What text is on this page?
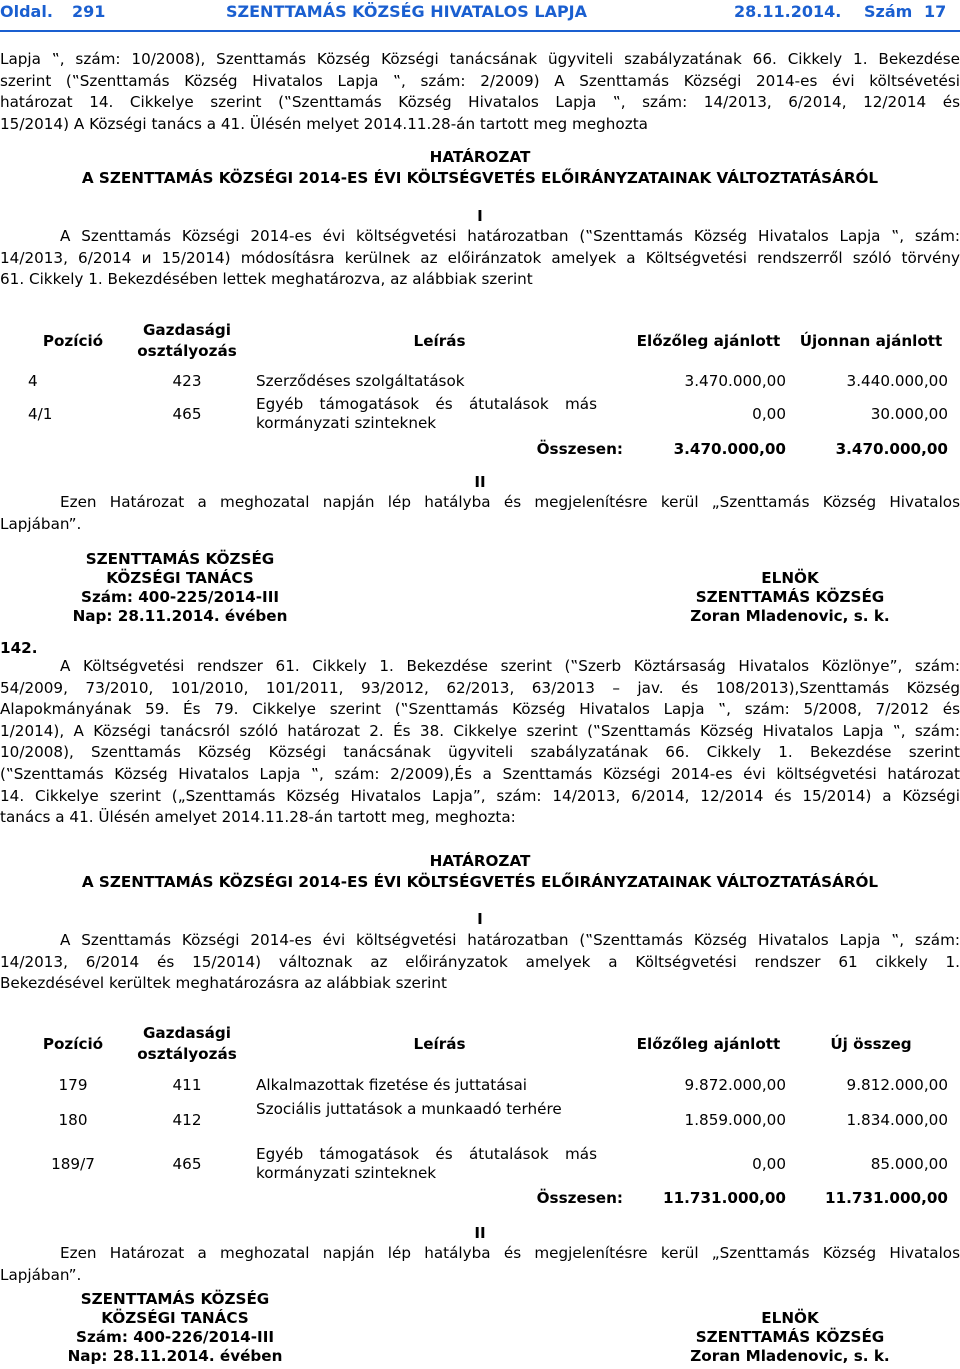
Oldal. 291	SZENTTAMÁS KÖZSÉG HIVATALOS LAPJA	28.11.2014. Szám 17
Lapja ‟, szám: 10/2008), Szenttamás Község Községi tanácsának ügyviteli szabályzatának 66. Cikkely 1. Bekezdése
szerint (‟Szenttamás Község Hivatalos Lapja ‟, szám: 2/2009) A Szenttamás Községi 2014-es évi költsévetési
határozat 14. Cikkelye szerint (‟Szenttamás Község Hivatalos Lapja ‟, szám: 14/2013, 6/2014, 12/2014 és
15/2014) A Községi tanács a 41. Ülésén melyet 2014.11.28-án tartott meg meghozta
HATÁROZAT
A SZENTTAMÁS KÖZSÉGI 2014-ES ÉVI KÖLTSÉGVETÉS ELŐIRÁNYZATAINAK VÁLTOZTATÁSÁRÓL
I
A Szenttamás Községi 2014-es évi költségvetési határozatban (‟Szenttamás Község Hivatalos Lapja ‟, szám:
14/2013, 6/2014 и 15/2014) módosításra kerülnek az előiránzatok amelyek a Költségvetési rendszerről szóló törvény
61. Cikkely 1. Bekezdésében lettek meghatározva, az alábbiak szerint
Pozíció	Gazdasági osztályozás	Leírás	Előzőleg ajánlott	Újonnan ajánlott
4	423	Szerződéses szolgáltatások	3.470.000,00	3.440.000,00
4/1	465	Egyéb támogatások és átutalások más kormányzati szinteknek	0,00	30.000,00
		Összesen:	3.470.000,00	3.470.000,00
II
Ezen Határozat a meghozatal napján lép hatályba és megjelenítésre kerül „Szenttamás Község Hivatalos
Lapjában”.
SZENTTAMÁS KÖZSÉG
KÖZSÉGI TANÁCS
Szám: 400-225/2014-III
Nap: 28.11.2014. évében
ELNÖK
SZENTTAMÁS KÖZSÉG
Zoran Mladenovic, s. k.
142.
A Költségvetési rendszer 61. Cikkely 1. Bekezdése szerint (‟Szerb Köztársaság Hivatalos Közlönye”, szám:
54/2009, 73/2010, 101/2010, 101/2011, 93/2012, 62/2013, 63/2013 – jav. és 108/2013),Szenttamás Község
Alapokmányának 59. És 79. Cikkelye szerint (‟Szenttamás Község Hivatalos Lapja ‟, szám: 5/2008, 7/2012 és
1/2014), A Községi tanácsról szóló határozat 2. És 38. Cikkelye szerint (‟Szenttamás Község Hivatalos Lapja ‟, szám:
10/2008), Szenttamás Község Községi tanácsának ügyviteli szabályzatának 66. Cikkely 1. Bekezdése szerint
(‟Szenttamás Község Hivatalos Lapja ‟, szám: 2/2009),És a Szenttamás Községi 2014-es évi költségvetési határozat
14. Cikkelye szerint („Szenttamás Község Hivatalos Lapja”, szám: 14/2013, 6/2014, 12/2014 és 15/2014) a Községi
tanács a 41. Ülésén amelyet 2014.11.28-án tartott meg, meghozta:
HATÁROZAT
A SZENTTAMÁS KÖZSÉGI 2014-ES ÉVI KÖLTSÉGVETÉS ELŐIRÁNYZATAINAK VÁLTOZTATÁSÁRÓL
I
A Szenttamás Községi 2014-es évi költségvetési határozatban (‟Szenttamás Község Hivatalos Lapja ‟, szám:
14/2013, 6/2014 és 15/2014) változnak az előirányzatok amelyek a Költségvetési rendszer 61 cikkely 1.
Bekezdésével kerültek meghatározásra az alábbiak szerint
Pozíció	Gazdasági osztályozás	Leírás	Előzőleg ajánlott	Új összeg
179	411	Alkalmazottak fizetése és juttatásai	9.872.000,00	9.812.000,00
180	412	Szociális juttatások a munkaadó terhére	1.859.000,00	1.834.000,00
189/7	465	Egyéb támogatások és átutalások más kormányzati szinteknek	0,00	85.000,00
		Összesen:	11.731.000,00	11.731.000,00
II
Ezen Határozat a meghozatal napján lép hatályba és megjelenítésre kerül „Szenttamás Község Hivatalos
Lapjában”.
SZENTTAMÁS KÖZSÉG
KÖZSÉGI TANÁCS
Szám: 400-226/2014-III
Nap: 28.11.2014. évében
ELNÖK
SZENTTAMÁS KÖZSÉG
Zoran Mladenovic, s. k.
